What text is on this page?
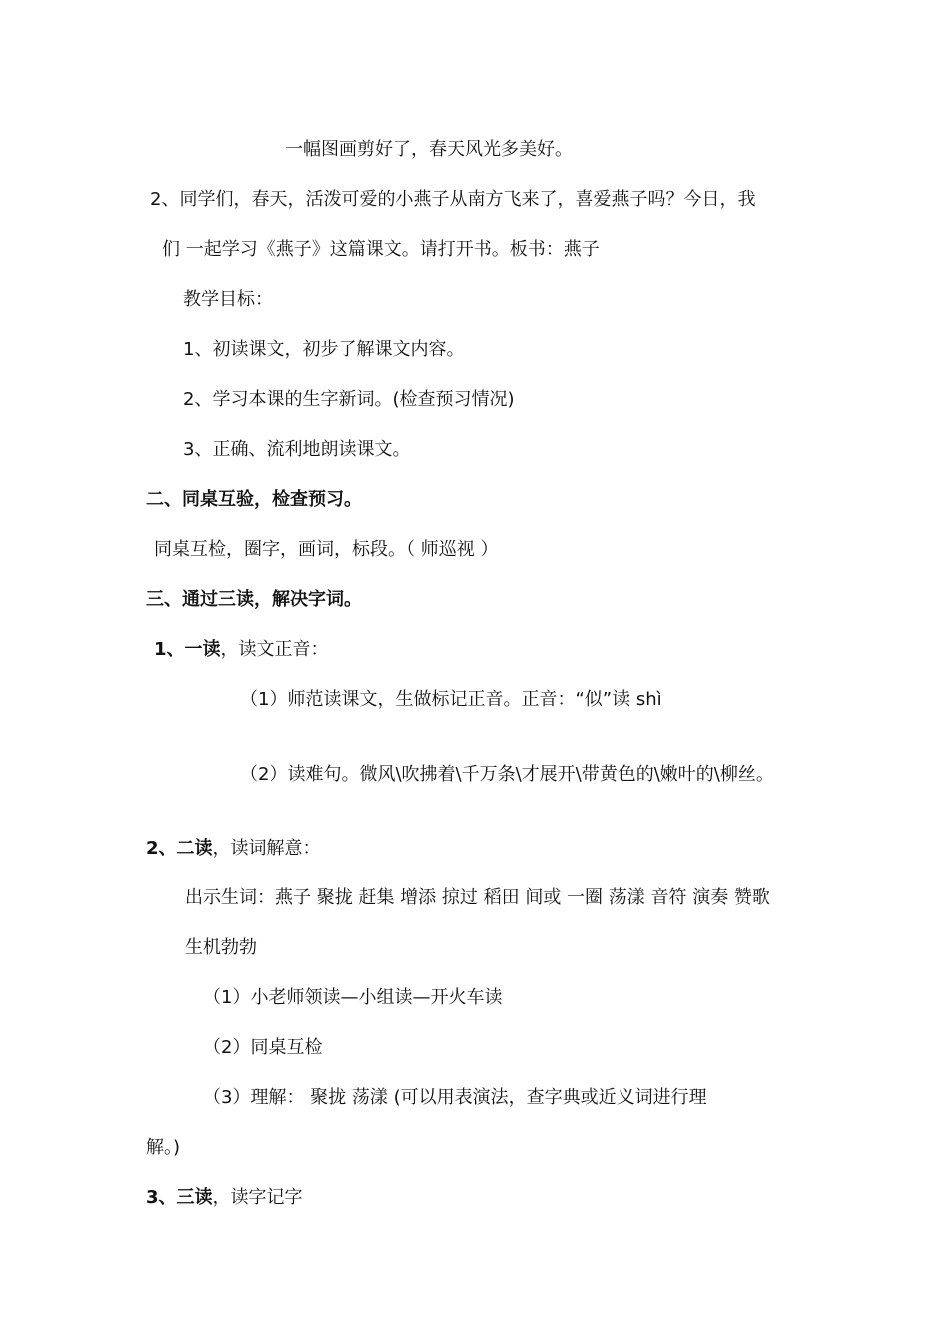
一幅图画剪好了，春天风光多美好。

2、同学们，春天，活泼可爱的小燕子从南方飞来了，喜爱燕子吗？今日，我

们 一起学习《燕子》这篇课文。请打开书。板书：燕子

教学目标：

1、初读课文，初步了解课文内容。

2、学习本课的生字新词。(检查预习情况)

3、正确、流利地朗读课文。

二、同桌互验，检查预习。

同桌互检，圈字，画词，标段。（ 师巡视 ）

三、通过三读，解决字词。

1、一读，读文正音：

（1）师范读课文，生做标记正音。正音：“似”读 shì

（2）读难句。微风\吹拂着\千万条\才展开\带黄色的\嫩叶的\柳丝。

2、二读，读词解意：

出示生词：燕子 聚拢 赶集 增添 掠过 稻田 间或 一圈 荡漾 音符 演奏 赞歌

生机勃勃

（1）小老师领读—小组读—开火车读

（2）同桌互检

（3）理解： 聚拢 荡漾 (可以用表演法，查字典或近义词进行理

解。)

3、三读，读字记字
